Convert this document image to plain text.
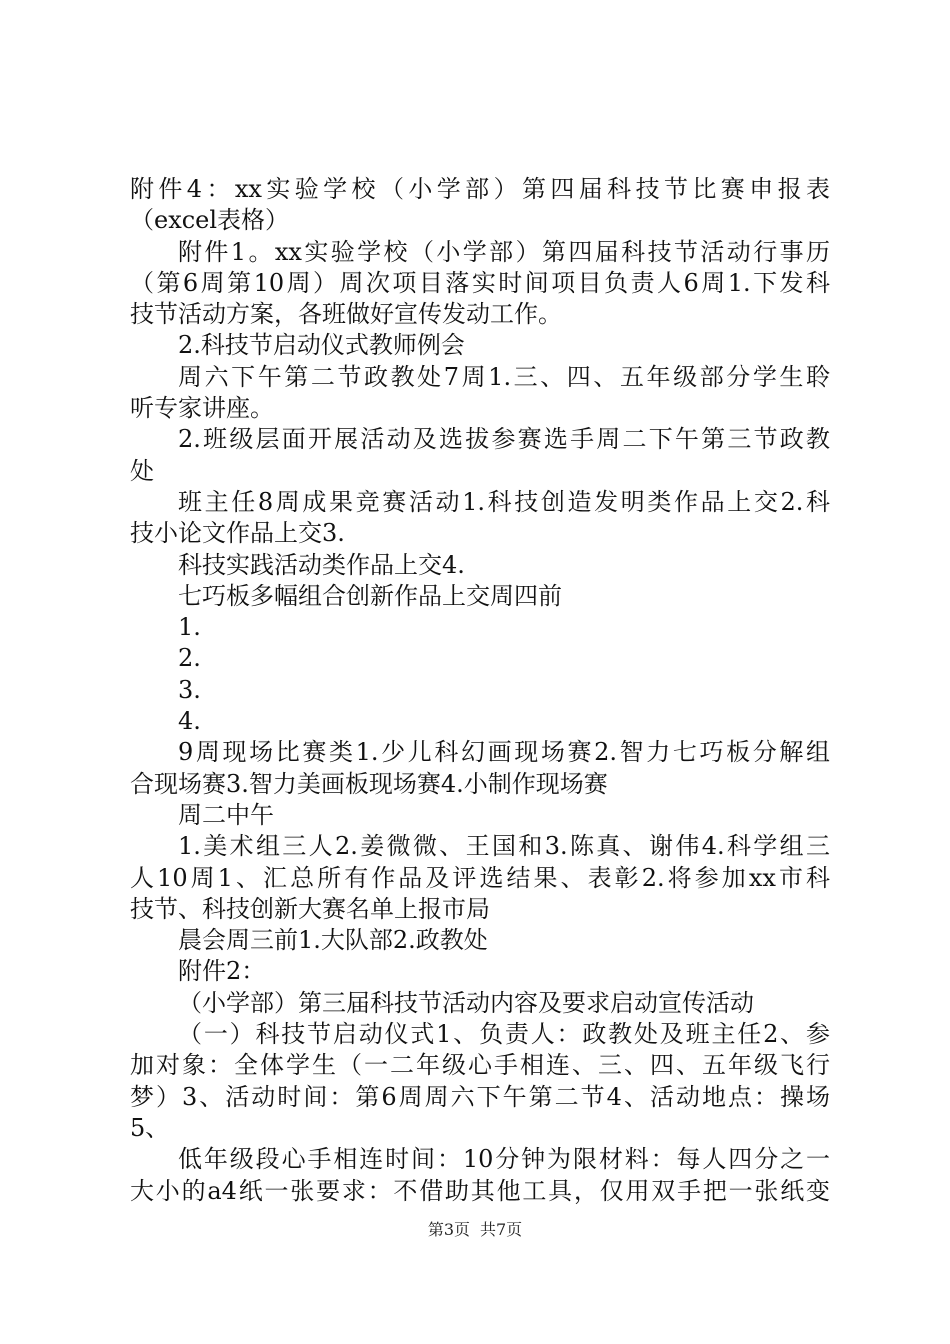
附件4：xx实验学校（小学部）第四届科技节比赛申报表
（excel表格）
附件1。xx实验学校（小学部）第四届科技节活动行事历
（第6周第10周）周次项目落实时间项目负责人6周1.下发科
技节活动方案，各班做好宣传发动工作。
2.科技节启动仪式教师例会
周六下午第二节政教处7周1.三、四、五年级部分学生聆
听专家讲座。
2.班级层面开展活动及选拔参赛选手周二下午第三节政教
处
班主任8周成果竞赛活动1.科技创造发明类作品上交2.科
技小论文作品上交3.
科技实践活动类作品上交4.
七巧板多幅组合创新作品上交周四前
1.
2.
3.
4.
9周现场比赛类1.少儿科幻画现场赛2.智力七巧板分解组
合现场赛3.智力美画板现场赛4.小制作现场赛
周二中午
1.美术组三人2.姜微微、王国和3.陈真、谢伟4.科学组三
人10周1、汇总所有作品及评选结果、表彰2.将参加xx市科
技节、科技创新大赛名单上报市局
晨会周三前1.大队部2.政教处
附件2：
（小学部）第三届科技节活动内容及要求启动宣传活动
（一）科技节启动仪式1、负责人：政教处及班主任2、参
加对象：全体学生（一二年级心手相连、三、四、五年级飞行
梦）3、活动时间：第6周周六下午第二节4、活动地点：操场
5、
低年级段心手相连时间：10分钟为限材料：每人四分之一
大小的a4纸一张要求：不借助其他工具，仅用双手把一张纸变
第3页 共7页
